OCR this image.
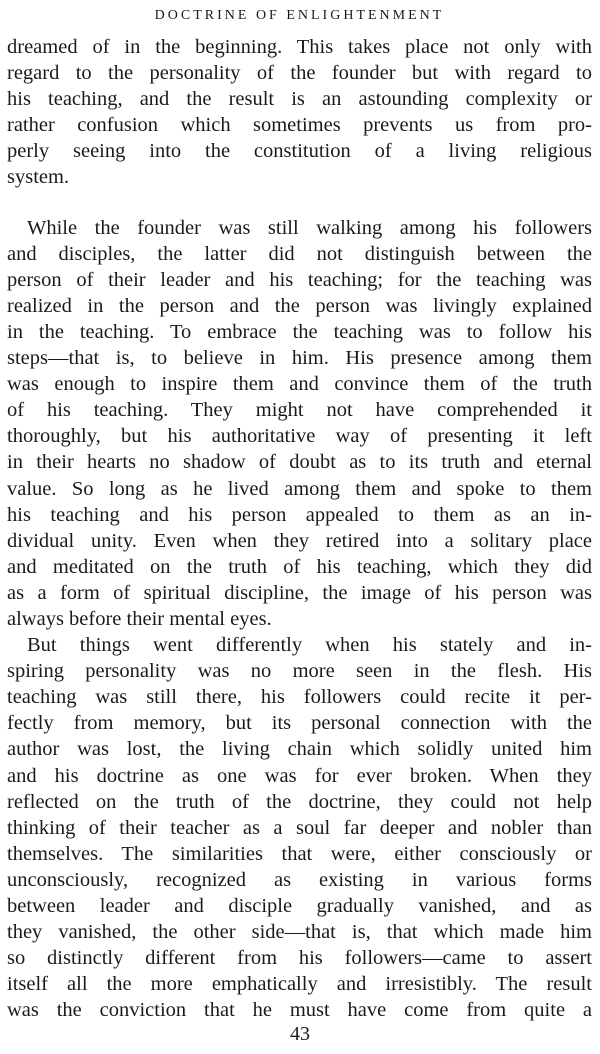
DOCTRINE OF ENLIGHTENMENT
dreamed of in the beginning. This takes place not only with
regard to the personality of the founder but with regard to
his teaching, and the result is an astounding complexity or
rather confusion which sometimes prevents us from pro-
perly seeing into the constitution of a living religious
system.
While the founder was still walking among his followers
and disciples, the latter did not distinguish between the
person of their leader and his teaching; for the teaching was
realized in the person and the person was livingly explained
in the teaching. To embrace the teaching was to follow his
steps—that is, to believe in him. His presence among them
was enough to inspire them and convince them of the truth
of his teaching. They might not have comprehended it
thoroughly, but his authoritative way of presenting it left
in their hearts no shadow of doubt as to its truth and eternal
value. So long as he lived among them and spoke to them
his teaching and his person appealed to them as an in-
dividual unity. Even when they retired into a solitary place
and meditated on the truth of his teaching, which they did
as a form of spiritual discipline, the image of his person was
always before their mental eyes.
But things went differently when his stately and in-
spiring personality was no more seen in the flesh. His
teaching was still there, his followers could recite it per-
fectly from memory, but its personal connection with the
author was lost, the living chain which solidly united him
and his doctrine as one was for ever broken. When they
reflected on the truth of the doctrine, they could not help
thinking of their teacher as a soul far deeper and nobler than
themselves. The similarities that were, either consciously or
unconsciously, recognized as existing in various forms
between leader and disciple gradually vanished, and as
they vanished, the other side—that is, that which made him
so distinctly different from his followers—came to assert
itself all the more emphatically and irresistibly. The result
was the conviction that he must have come from quite a
43
